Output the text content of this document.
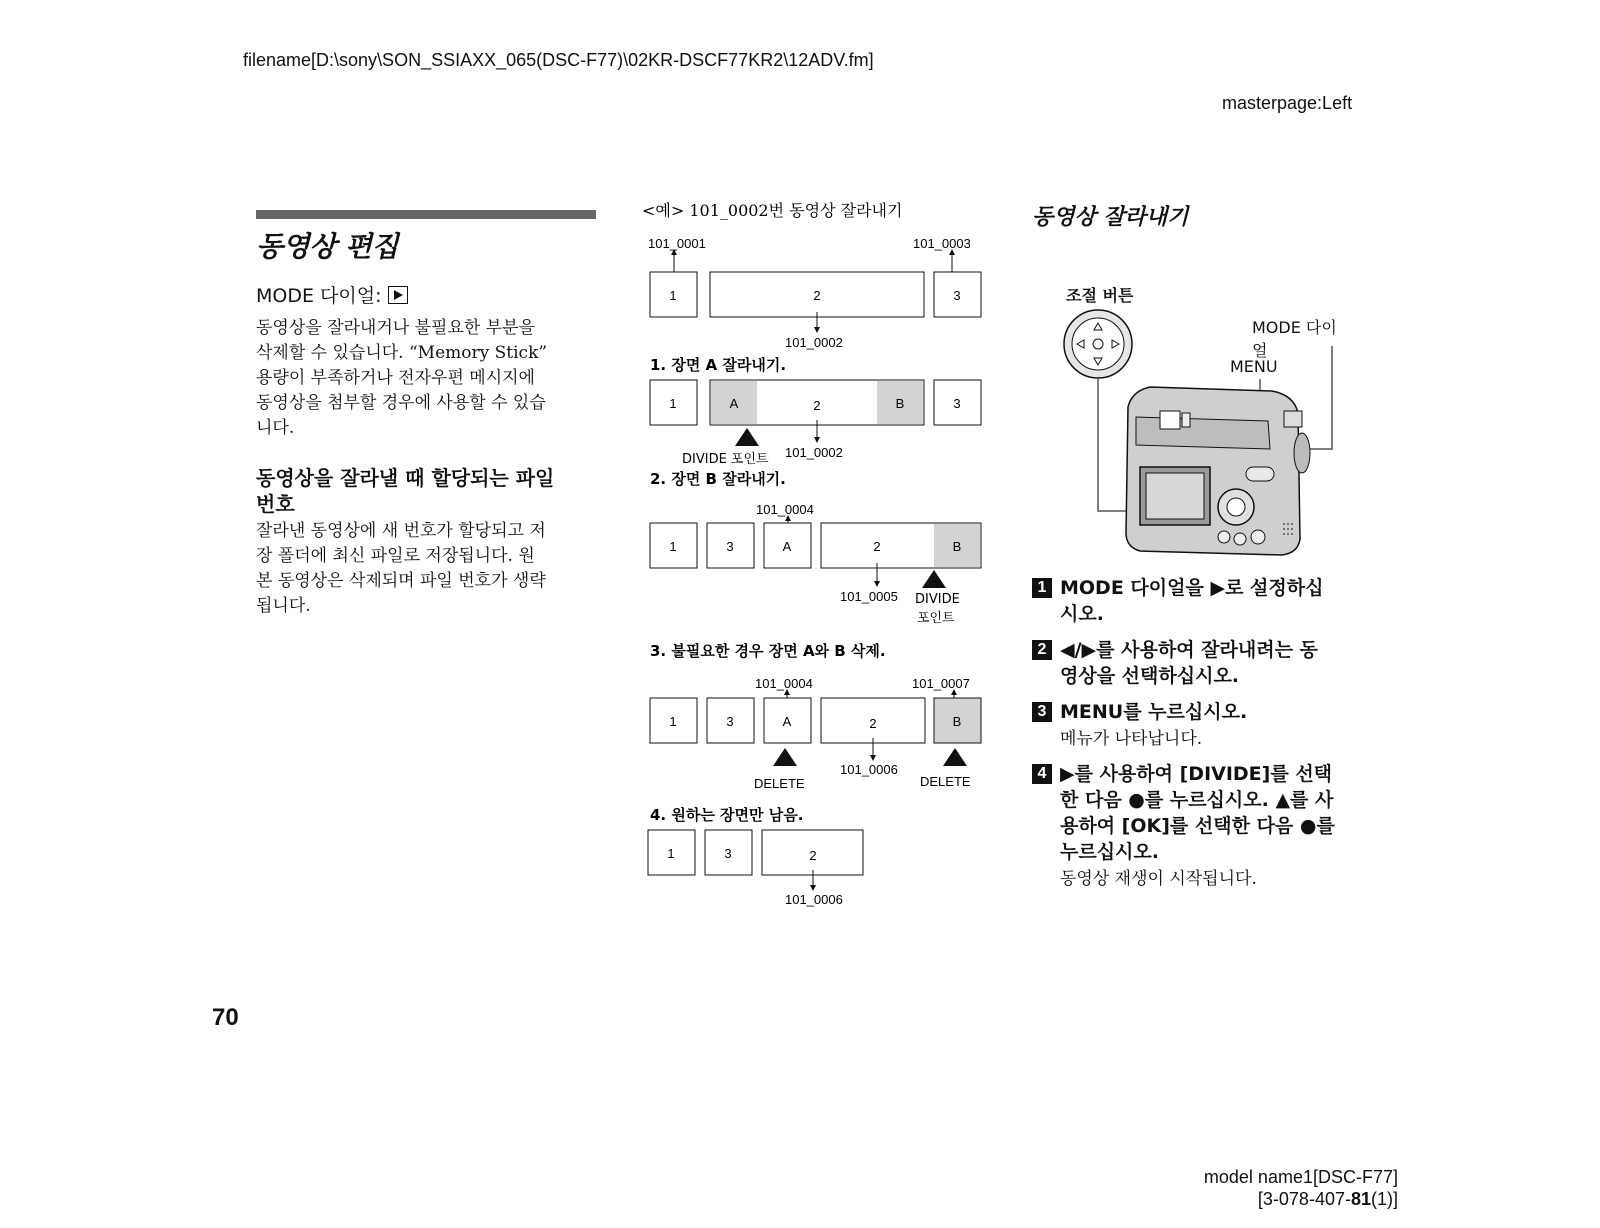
filename[D:\sony\SON_SSIAXX_065(DSC-F77)\02KR-DSCF77KR2\12ADV.fm]
masterpage:Left
동영상 편집
MODE 다이얼:
동영상을 잘라내거나 불필요한 부분을
삭제할 수 있습니다. “Memory Stick”
용량이 부족하거나 전자우편 메시지에
동영상을 첨부할 경우에 사용할 수 있습
니다.
동영상을 잘라낼 때 할당되는 파일
번호
잘라낸 동영상에 새 번호가 할당되고 저
장 폴더에 최신 파일로 저장됩니다. 원
본 동영상은 삭제되며 파일 번호가 생략
됩니다.
<예> 101_0002번 동영상 잘라내기
101_0001	101_0003
1	2	3
101_0002
1. 장면 A 잘라내기.
1	A	2	B	3
DIVIDE 포인트 101_0002
2. 장면 B 잘라내기.
101_0004
1	3	A	2	B
101_0005 DIVIDE
포인트
3. 불필요한 경우 장면 A와 B 삭제.
101_0004	101_0007
1	3	A	2	B
DELETE
101_0006
DELETE
4. 원하는 장면만 남음.
1	3	2
101_0006
동영상 잘라내기
조절 버튼
MODE 다이얼
MENU
1 MODE 다이얼을 ▶로 설정하십
시오.
2 ◀/▶를 사용하여 잘라내려는 동
영상을 선택하십시오.
3 MENU를 누르십시오.
메뉴가 나타납니다.
4 ▶를 사용하여 [DIVIDE]를 선택
한 다음 ●를 누르십시오. ▲를 사
용하여 [OK]를 선택한 다음 ●를
누르십시오.
동영상 재생이 시작됩니다.
70
model name1[DSC-F77]
[3-078-407-81(1)]
